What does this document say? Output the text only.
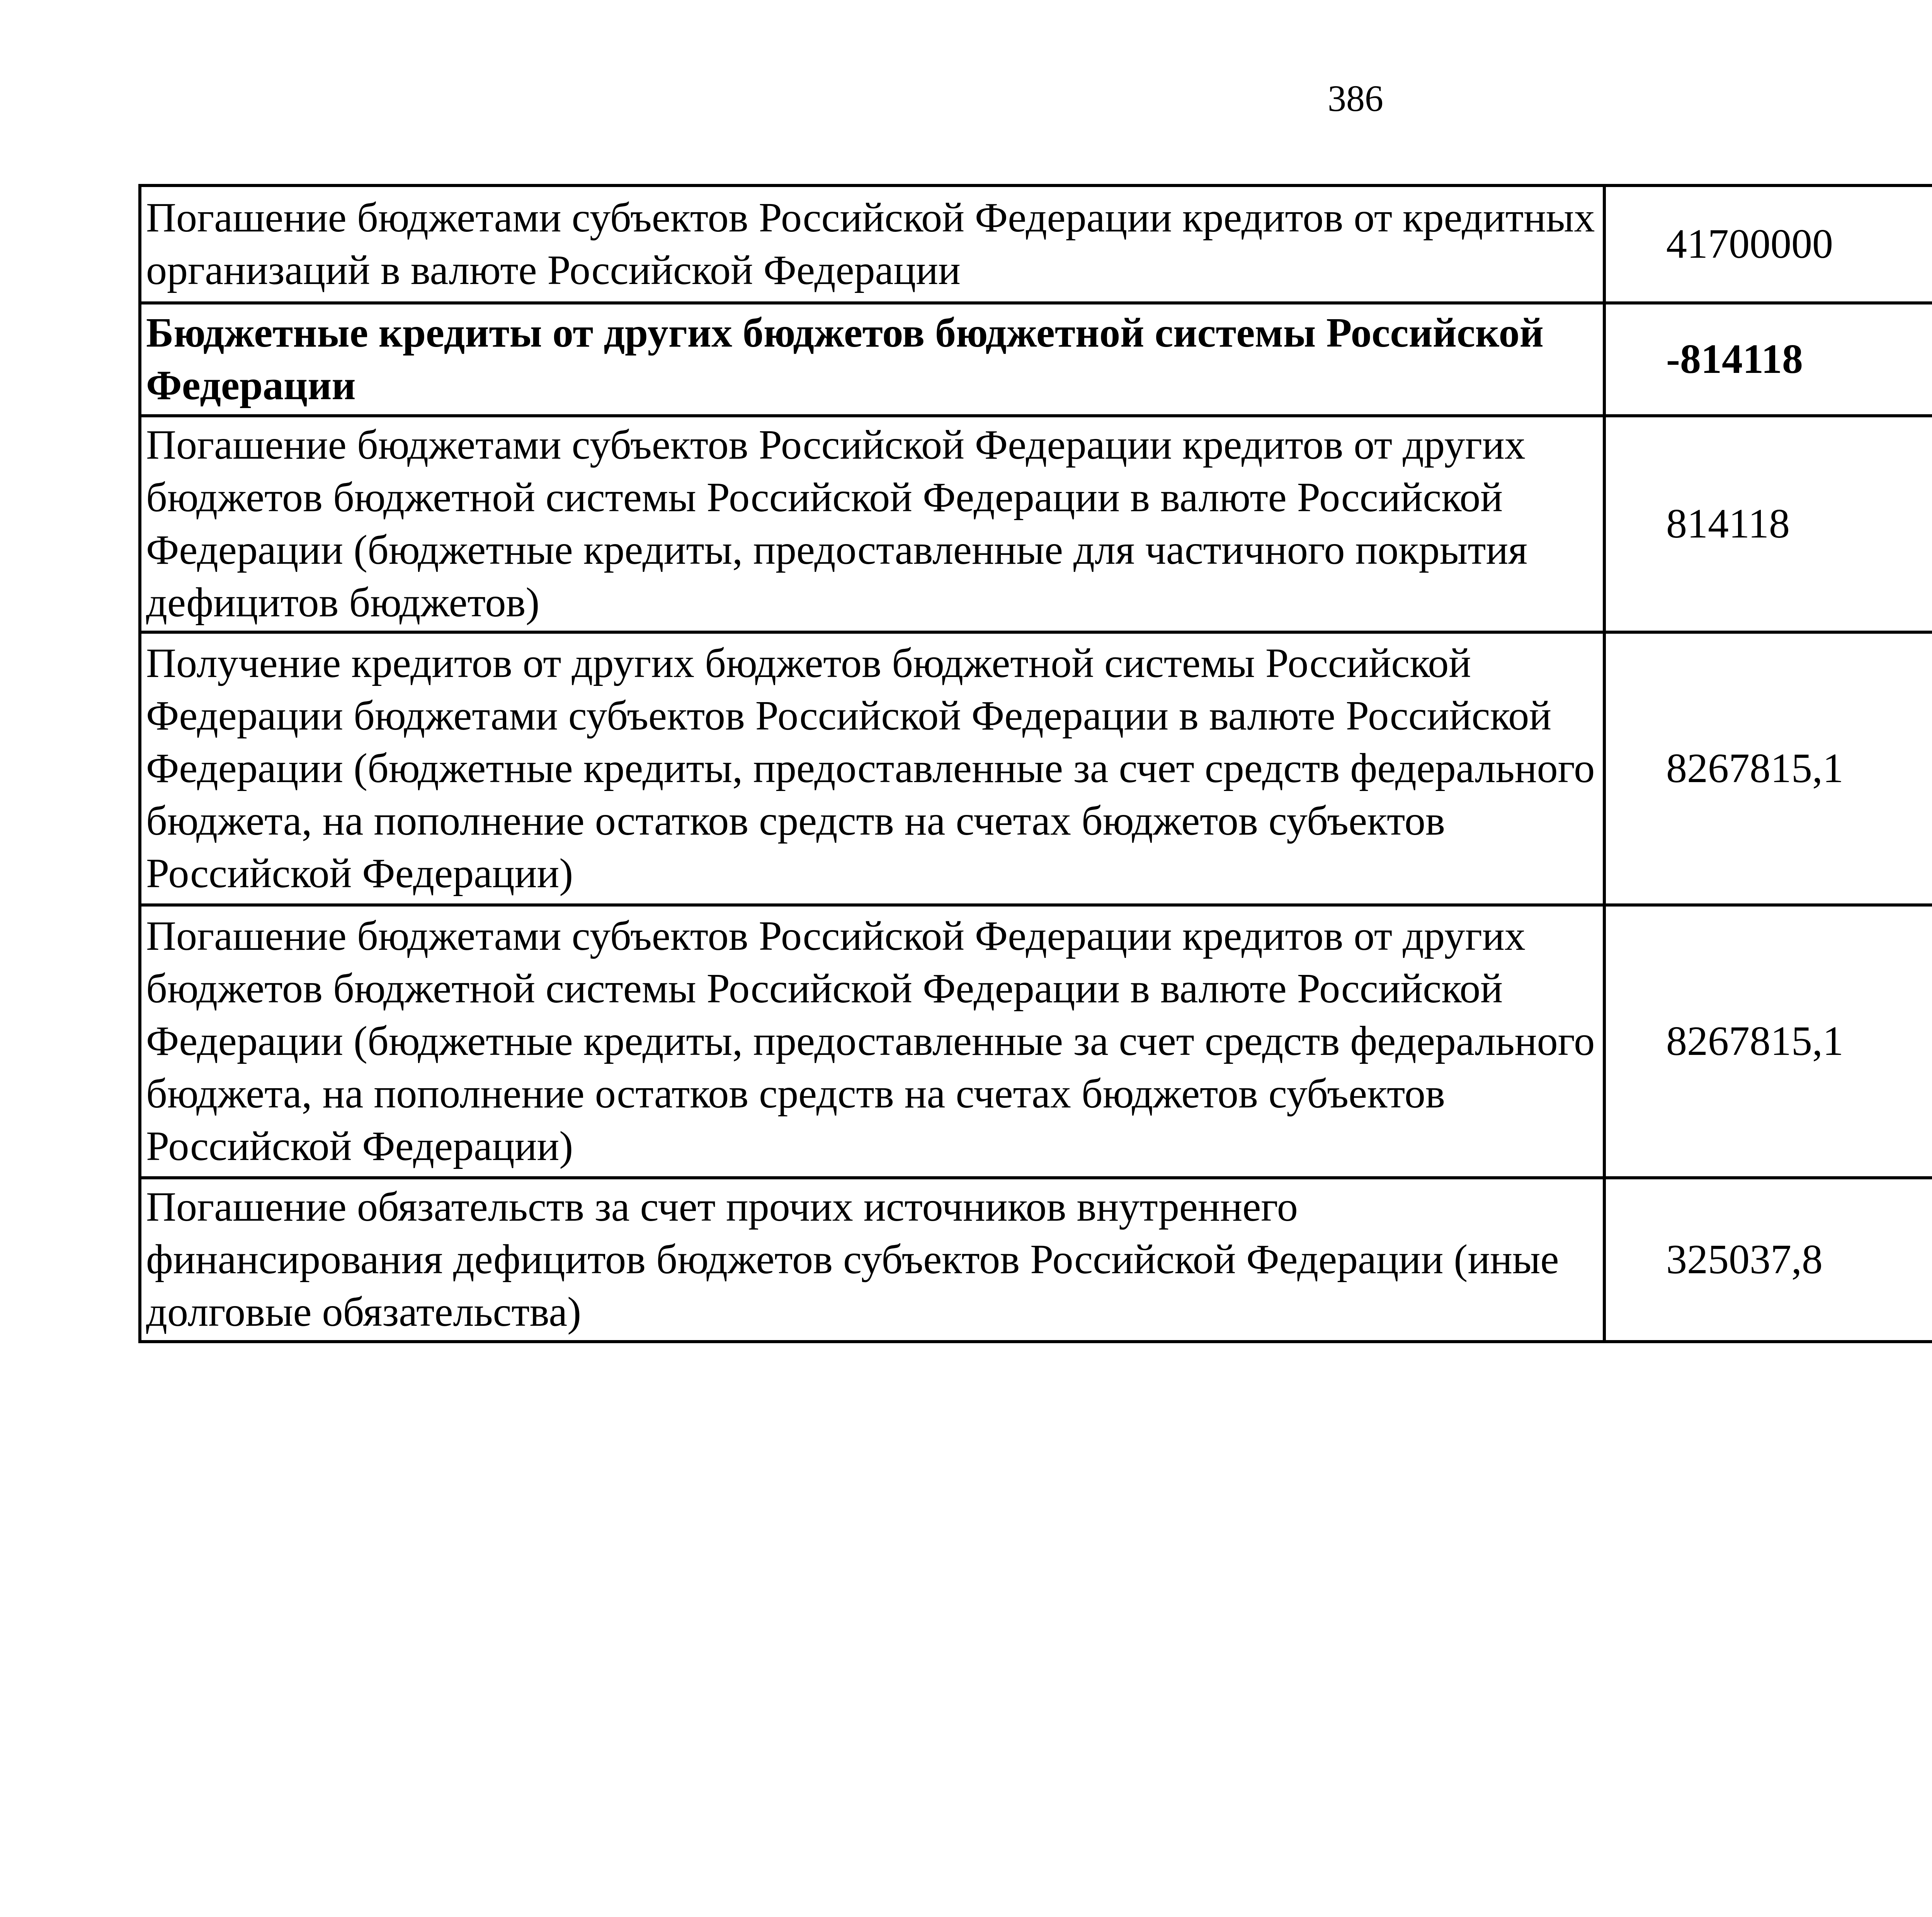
386
Погашение бюджетами субъектов Российской Федерации кредитов от кредитных организаций в валюте Российской Федерации	41700000		
Бюджетные кредиты от других бюджетов бюджетной системы Российской Федерации	-814118		
Погашение бюджетами субъектов Российской Федерации кредитов от других бюджетов бюджетной системы Российской Федерации в валюте Российской Федерации (бюджетные кредиты, предоставленные для частичного покрытия дефицитов бюджетов)	814118		
Получение кредитов от других бюджетов бюджетной системы Российской Федерации бюджетами субъектов Российской Федерации в валюте Российской Федерации (бюджетные кредиты, предоставленные за счет средств федерального бюджета, на пополнение остатков средств на счетах бюджетов субъектов Российской Федерации)	8267815,1		
Погашение бюджетами субъектов Российской Федерации кредитов от других бюджетов бюджетной системы Российской Федерации в валюте Российской Федерации (бюджетные кредиты, предоставленные за счет средств федерального бюджета, на пополнение остатков средств на счетах бюджетов субъектов Российской Федерации)	8267815,1		
Погашение обязательств за счет прочих источников внутреннего финансирования дефицитов бюджетов субъектов Российской Федерации (иные долговые обязательства)	325037,8		
